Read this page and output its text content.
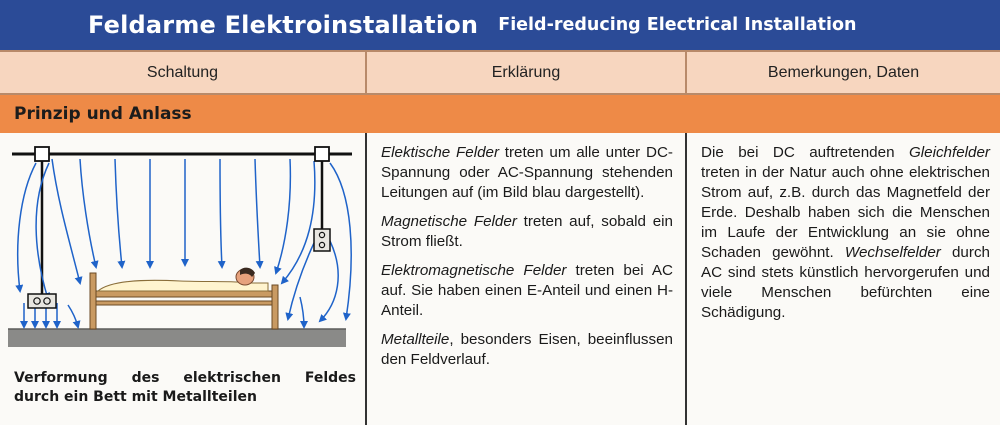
Feldarme Elektroinstallation Field-reducing Electrical Installation
Schaltung	Erklärung	Bemerkungen, Daten
Prinzip und Anlass
Verformung des elektrischen Feldes
durch ein Bett mit Metallteilen

Elektische Felder treten um alle unter DC-Spannung oder AC-Spannung stehenden Leitungen auf (im Bild blau dargestellt).

Magnetische Felder treten auf, sobald ein Strom fließt.

Elektromagnetische Felder treten bei AC auf. Sie haben einen E-Anteil und einen H-Anteil.

Metallteile, besonders Eisen, beeinflussen den Feldverlauf.

Die bei DC auftretenden Gleichfelder treten in der Natur auch ohne elektrischen Strom auf, z.B. durch das Magnetfeld der Erde. Deshalb haben sich die Menschen im Laufe der Entwicklung an sie ohne Schaden gewöhnt. Wechselfelder durch AC sind stets künstlich hervorgerufen und viele Menschen befürchten eine Schädigung.
